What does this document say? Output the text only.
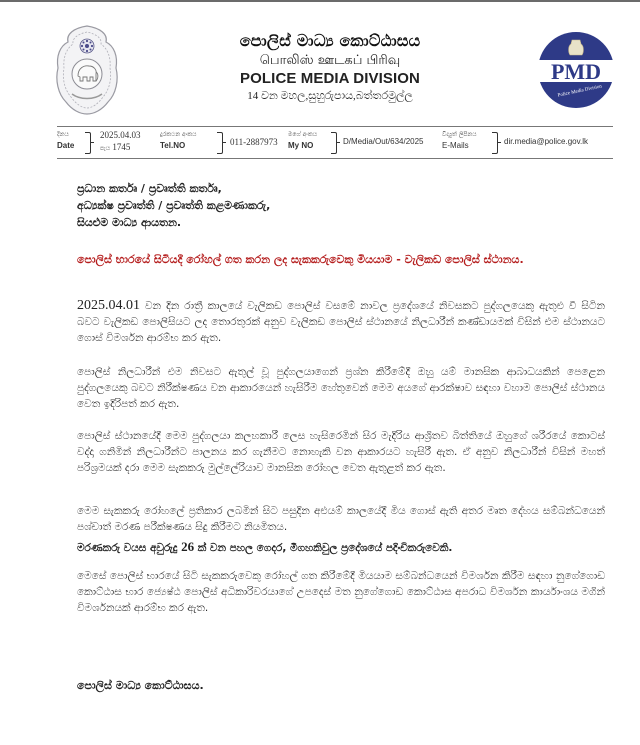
පොලිස් මාධ්‍ය කොට්ඨාසය
பொலிஸ் ஊடகப் பிரிவு
POLICE MEDIA DIVISION
14 වන මහල,සුහුරුපාය,බත්තරමුල්ල
PMD
Police Media Division
දිනය
Date
2025.04.03
පැය 1745
දුරකථන අංකය
Tel.NO	011-2887973
මගේ අංකය
My NO	D/Media/Out/634/2025
විද්‍යුත් ලිපිනය
E-Mails	dir.media@police.gov.lk
ප්‍රධාන කර්තෘ / ප්‍රවෘත්ති කර්තෘ,
අධ්‍යක්ෂ ප්‍රවෘත්ති / ප්‍රවෘත්ති කළමණාකරු,
සියළුම මාධ්‍ය ආයතන.
පොලිස් භාරයේ සිටියදී රෝහල් ගත කරන ලද සැකකරුවෙකු මියයාම - වැලිකඩ පොලිස් ස්ථානය.
2025.04.01 වන දින රාත්‍රී කාලයේ වැලිකඩ පොලිස් වසමේ නාවල ප්‍රදේශයේ නිවසකට පුද්ගලයෙකු ඇතුළු වී සිටින බවට වැලිකඩ පොලිසියට ලද තොරතුරක් අනුව වැලිකඩ පොලිස් ස්ථානයේ නිලධාරීන් කණ්ඩායමක් විසින් එම ස්ථානයට ගොස් විමර්ශන ආරම්භ කර ඇත.
පොලිස් නිලධාරීන් එම නිවසට ඇතුල් වූ පුද්ගලයාගෙන් ප්‍රශ්න කිරීමේදී ඔහු යම් මානසික ආබාධයකින් පෙළෙන පුද්ගලයෙකු බවට නිරීක්ෂණය වන ආකාරයෙන් හැසිරීම හේතුවෙන් මෙම අයගේ ආරක්ෂාව සඳහා වහාම පොලිස් ස්ථානය වෙත ඉදිරිපත් කර ඇත.
පොලිස් ස්ථානයේදී මෙම පුද්ගලයා කලහකාරී ලෙස හැසිරෙමින් සිර මැදිරිය ආශ්‍රිතව බිත්තියේ ඔහුගේ ශරීරයේ කොටස් වද්දා ගනිමින් නිලධාරීන්ට පාලනය කර ගැනීමට නොහැකි වන ආකාරයට හැසිරී ඇත. ඒ අනුව නිලධාරීන් විසින් මහත් පරිශ්‍රමයක් දරා මෙම සැකකරු මුල්ලේරියාව මානසික රෝහල වෙත ඇතුළත් කර ඇත.
මෙම සැකකරු රෝහලේ ප්‍රතිකාර ලබමින් සිට පසුදින අළුයම් කාලයේදී මිය ගොස් ඇති අතර මෘත දේහය සම්බන්ධයෙන් පශ්චාත් මරණ පරීක්ෂණය සිදු කිරීමට නියමිතය.
මරණකරු වයස අවුරුදු 26 ක් වන පහල ගෙදර, මීගහකිවුල ප්‍රදේශයේ පදිංචිකරුවෙකි.
මෙසේ පොලිස් භාරයේ සිටි සැකකරුවෙකු රෝහල් ගත කිරීමේදී මියයාම සම්බන්ධයෙන් විමර්ශන කිරීම සඳහා නුගේගොඩ කොට්ඨාස භාර ජ්‍යෙෂ්ඨ පොලිස් අධිකාරිවරයාගේ උපදෙස් මත නුගේගොඩ කොට්ඨාස අපරාධ විමර්ශන කාර්යාංශය මගින් විමර්ශනයක් ආරම්භ කර ඇත.
පොලිස් මාධ්‍ය කොට්ඨාසය.
